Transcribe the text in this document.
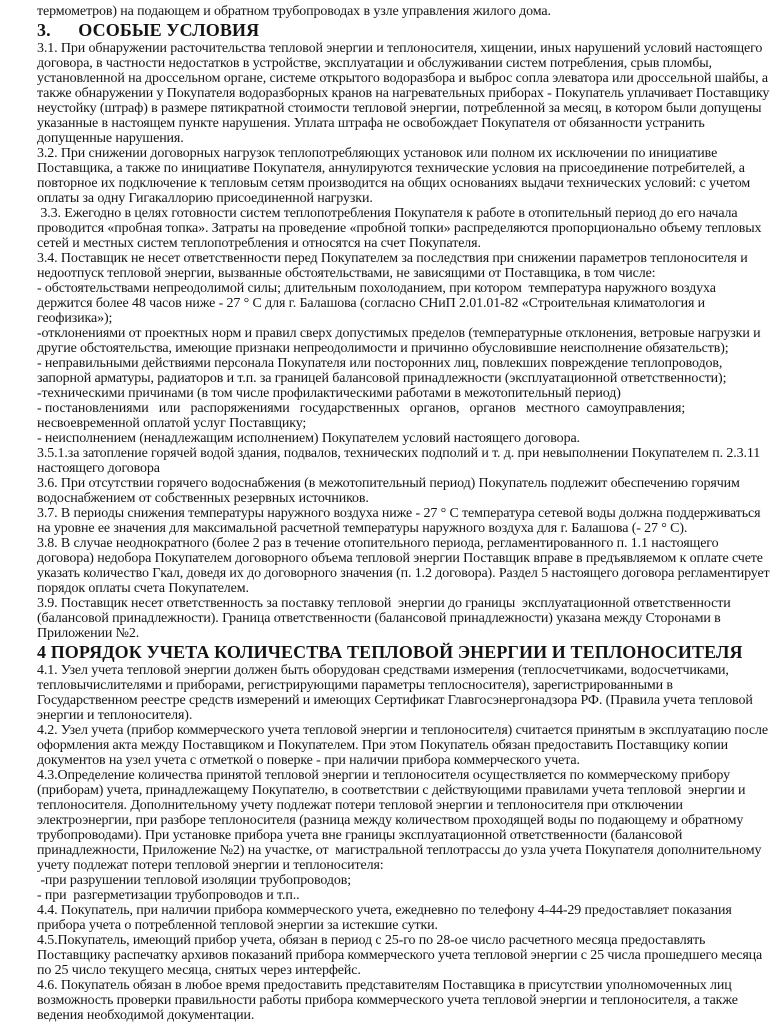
термометров) на подающем и обратном трубопроводах в узле управления жилого дома.
3.      ОСОБЫЕ УСЛОВИЯ
3.1. При обнаружении расточительства тепловой энергии и теплоносителя, хищении, иных нарушений условий настоящего
договора, в частности недостатков в устройстве, эксплуатации и обслуживании систем потребления, срыв пломбы,
установленной на дроссельном органе, системе открытого водоразбора и выброс сопла элеватора или дроссельной шайбы, а
также обнаружении у Покупателя водоразборных кранов на нагревательных приборах - Покупатель уплачивает Поставщику
неустойку (штраф) в размере пятикратной стоимости тепловой энергии, потребленной за месяц, в котором были допущены
указанные в настоящем пункте нарушения. Уплата штрафа не освобождает Покупателя от обязанности устранить
допущенные нарушения.
3.2. При снижении договорных нагрузок теплопотребляющих установок или полном их исключении по инициативе
Поставщика, а также по инициативе Покупателя, аннулируются технические условия на присоединение потребителей, а
повторное их подключение к тепловым сетям производится на общих основаниях выдачи технических условий: с учетом
оплаты за одну Гигакаллорию присоединенной нагрузки.
3.3. Ежегодно в целях готовности систем теплопотребления Покупателя к работе в отопительный период до его начала
проводится «пробная топка». Затраты на проведение «пробной топки» распределяются пропорционально объему тепловых
сетей и местных систем теплопотребления и относятся на счет Покупателя.
3.4. Поставщик не несет ответственности перед Покупателем за последствия при снижении параметров теплоносителя и
недоотпуск тепловой энергии, вызванные обстоятельствами, не зависящими от Поставщика, в том числе:
- обстоятельствами непреодолимой силы; длительным похолоданием, при котором  температура наружного воздуха
держится более 48 часов ниже - 27 ° С для г. Балашова (согласно СНиП 2.01.01-82 «Строительная климатология и
геофизика»);
-отклонениями от проектных норм и правил сверх допустимых пределов (температурные отклонения, ветровые нагрузки и
другие обстоятельства, имеющие признаки непреодолимости и причинно обусловившие неисполнение обязательств);
- неправильными действиями персонала Покупателя или посторонних лиц, повлекших повреждение теплопроводов,
запорной арматуры, радиаторов и т.п. за границей балансовой принадлежности (эксплуатационной ответственности);
-техническими причинами (в том числе профилактическими работами в межотопительный период)
- постановлениями   или   распоряжениями   государственных   органов,   органов   местного  самоуправления;
несвоевременной оплатой услуг Поставщику;
- неисполнением (ненадлежащим исполнением) Покупателем условий настоящего договора.
3.5.1.за затопление горячей водой здания, подвалов, технических подполий и т. д. при невыполнении Покупателем п. 2.3.11
настоящего договора
3.6. При отсутствии горячего водоснабжения (в межотопительный период) Покупатель подлежит обеспечению горячим
водоснабжением от собственных резервных источников.
3.7. В периоды снижения температуры наружного воздуха ниже - 27 ° С температура сетевой воды должна поддерживаться
на уровне ее значения для максимальной расчетной температуры наружного воздуха для г. Балашова (- 27 ° С).
3.8. В случае неоднократного (более 2 раз в течение отопительного периода, регламентированного п. 1.1 настоящего
договора) недобора Покупателем договорного объема тепловой энергии Поставщик вправе в предъявляемом к оплате счете
указать количество Гкал, доведя их до договорного значения (п. 1.2 договора). Раздел 5 настоящего договора регламентирует
порядок оплаты счета Покупателем.
3.9. Поставщик несет ответственность за поставку тепловой  энергии до границы  эксплуатационной ответственности
(балансовой принадлежности). Граница ответственности (балансовой принадлежности) указана между Сторонами в
Приложении №2.
4 ПОРЯДОК УЧЕТА КОЛИЧЕСТВА ТЕПЛОВОЙ ЭНЕРГИИ И ТЕПЛОНОСИТЕЛЯ
4.1. Узел учета тепловой энергии должен быть оборудован средствами измерения (теплосчетчиками, водосчетчиками,
тепловычислителями и приборами, регистрирующими параметры теплосносителя), зарегистрированными в
Государственном реестре средств измерений и имеющих Сертификат Главгосэнергонадзора РФ. (Правила учета тепловой
энергии и теплоносителя).
4.2. Узел учета (прибор коммерческого учета тепловой энергии и теплоносителя) считается принятым в эксплуатацию после
оформления акта между Поставщиком и Покупателем. При этом Покупатель обязан предоставить Поставщику копии
документов на узел учета с отметкой о поверке - при наличии прибора коммерческого учета.
4.3.Определение количества принятой тепловой энергии и теплоносителя осуществляется по коммерческому прибору
(приборам) учета, принадлежащему Покупателю, в соответствии с действующими правилами учета тепловой  энергии и
теплоносителя. Дополнительному учету подлежат потери тепловой энергии и теплоносителя при отключении
электроэнергии, при разборе теплоносителя (разница между количеством проходящей воды по подающему и обратному
трубопроводами). При установке прибора учета вне границы эксплуатационной ответственности (балансовой
принадлежности, Приложение №2) на участке, от  магистральной теплотрассы до узла учета Покупателя дополнительному
учету подлежат потери тепловой энергии и теплоносителя:
-при разрушении тепловой изоляции трубопроводов;
- при  разгерметизации трубопроводов и т.п..
4.4. Покупатель, при наличии прибора коммерческого учета, ежедневно по телефону 4-44-29 предоставляет показания
прибора учета о потребленной тепловой энергии за истекшие сутки.
4.5.Покупатель, имеющий прибор учета, обязан в период с 25-го по 28-ое число расчетного месяца предоставлять
Поставщику распечатку архивов показаний прибора коммерческого учета тепловой энергии с 25 числа прошедшего месяца
по 25 число текущего месяца, снятых через интерфейс.
4.6. Покупатель обязан в любое время предоставить представителям Поставщика в присутствии уполномоченных лиц
возможность проверки правильности работы прибора коммерческого учета тепловой энергии и теплоносителя, а также
ведения необходимой документации.
